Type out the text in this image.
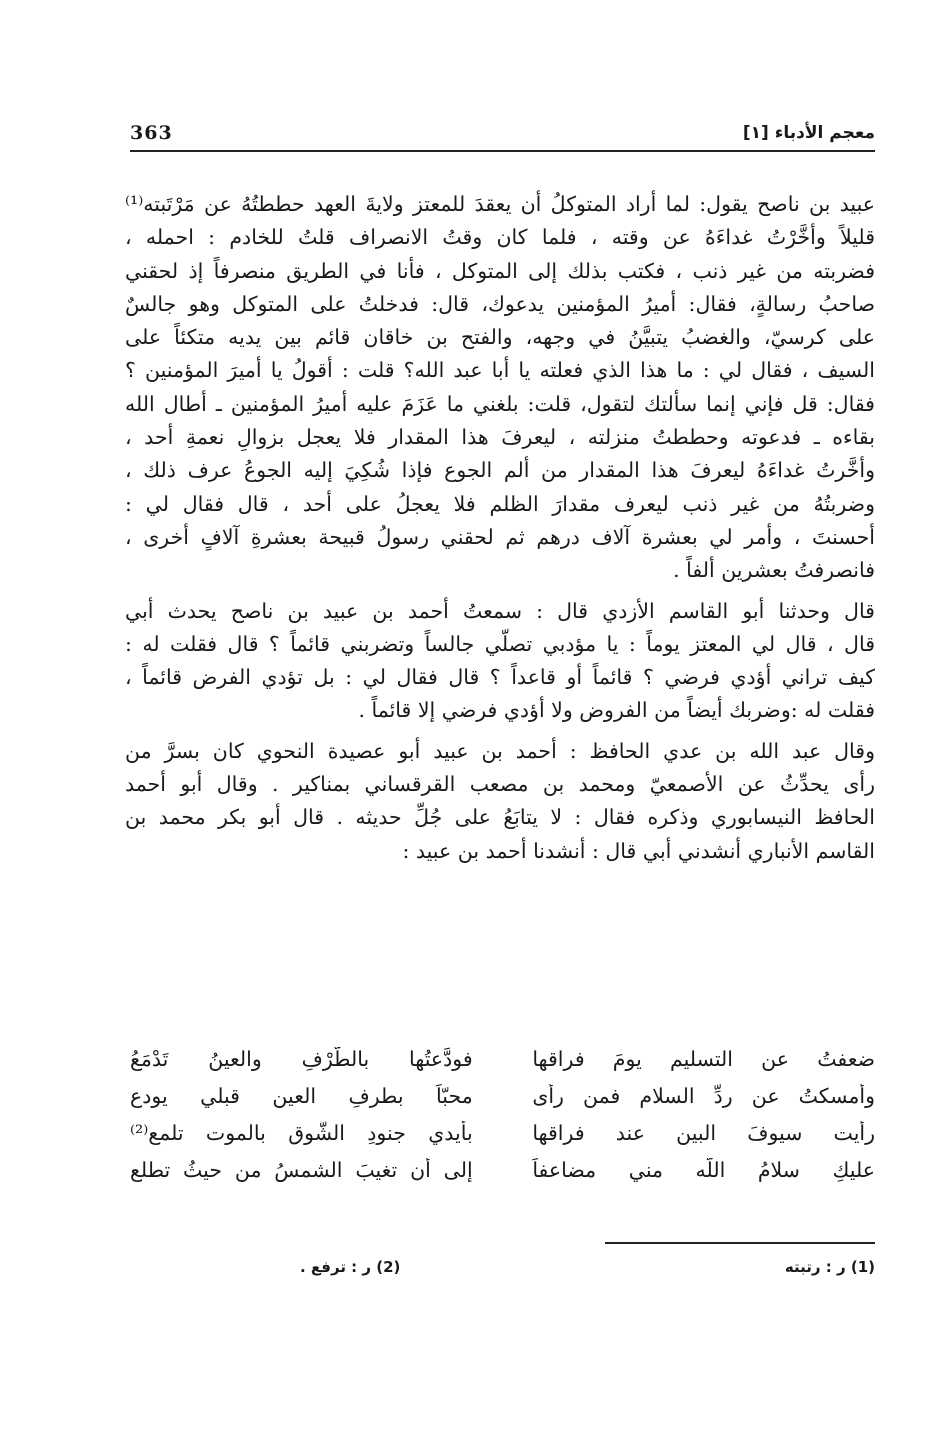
معجم الأدباء [١]
363

عبيد بن ناصح يقول: لما أراد المتوكلُ أن يعقدَ للمعتز ولايةَ العهد حططتُهُ عن مَرْتَبته⁽¹⁾
قليلاً وأخَّرْتُ غداءَهُ عن وقته ، فلما كان وقتُ الانصراف قلتُ للخادم : احمله ،
فضربته من غير ذنب ، فكتب بذلك إلى المتوكل ، فأنا في الطريق منصرفاً إذ لحقني
صاحبُ رسالةٍ، فقال: أميرُ المؤمنين يدعوك، قال: فدخلتُ على المتوكل وهو جالسٌ
على كرسيّ، والغضبُ يتبيَّنُ في وجهه، والفتح بن خاقان قائم بين يديه متكئاً على
السيف ، فقال لي : ما هذا الذي فعلته يا أبا عبد الله؟ قلت : أقولُ يا أميرَ المؤمنين ؟
فقال: قل فإني إنما سألتك لتقول، قلت: بلغني ما عَزَمَ عليه أميرُ المؤمنين ـ أطال الله
بقاءه ـ فدعوته وحططتُ منزلته ، ليعرفَ هذا المقدار فلا يعجل بزوالِ نعمةِ أحد ،
وأخَّرتُ غداءَهُ ليعرفَ هذا المقدار من ألم الجوع فإذا شُكِيَ إليه الجوعُ عرف ذلك ،
وضربتُهُ من غير ذنب ليعرف مقدارَ الظلم فلا يعجلُ على أحد ، قال فقال لي :
أحسنتَ ، وأمر لي بعشرة آلاف درهم ثم لحقني رسولُ قبيحة بعشرةِ آلافٍ أخرى ،
فانصرفتُ بعشرين ألفاً .

قال وحدثنا أبو القاسم الأزدي قال : سمعتُ أحمد بن عبيد بن ناصح يحدث أبي
قال ، قال لي المعتز يوماً : يا مؤدبي تصلّي جالساً وتضربني قائماً ؟ قال فقلت له :
كيف تراني أؤدي فرضي ؟ قائماً أو قاعداً ؟ قال فقال لي : بل تؤدي الفرض قائماً ،
فقلت له :وضربك أيضاً من الفروض ولا أؤدي فرضي إلا قائماً .

وقال عبد الله بن عدي الحافظ : أحمد بن عبيد أبو عصيدة النحوي كان بسرَّ من
رأى يحدِّثُ عن الأصمعيّ ومحمد بن مصعب القرقساني بمناكير . وقال أبو أحمد
الحافظ النيسابوري وذكره فقال : لا يتابَعُ على جُلِّ حديثه . قال أبو بكر محمد بن
القاسم الأنباري أنشدني أبي قال : أنشدنا أحمد بن عبيد :

ضعفتُ عن التسليم يومَ فراقها
فودَّعتُها بالطَّرْفِ والعينُ تَدْمَعُ
وأمسكتُ عن ردِّ السلام فمن رأى
محبّاً بطرفِ العين قبلي يودع
رأيت سيوفَ البين عند فراقها
بأيدي جنودِ الشَّوق بالموت تلمع⁽²⁾
عليكِ سلامُ اللّه مني مضاعفاً
إلى أن تغيبَ الشمسُ من حيثُ تطلع
(1) ر : رتبته
(2) ر : ترفع .
